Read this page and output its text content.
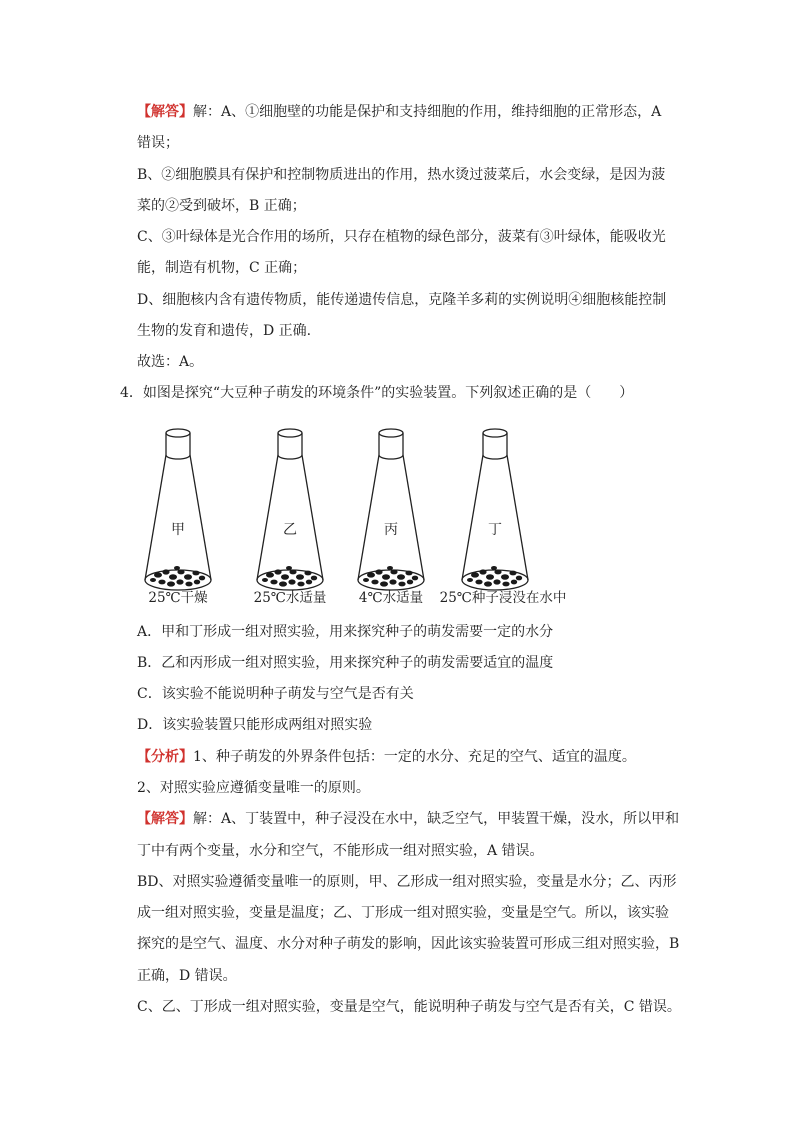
【解答】解：A、①细胞壁的功能是保护和支持细胞的作用，维持细胞的正常形态，A
错误；
B、②细胞膜具有保护和控制物质进出的作用，热水烫过菠菜后，水会变绿，是因为菠
菜的②受到破坏，B 正确；
C、③叶绿体是光合作用的场所，只存在植物的绿色部分，菠菜有③叶绿体，能吸收光
能，制造有机物，C 正确；
D、细胞核内含有遗传物质，能传递遗传信息，克隆羊多莉的实例说明④细胞核能控制
生物的发育和遗传，D 正确.
故选：A。
4．如图是探究“大豆种子萌发的环境条件”的实验装置。下列叙述正确的是（　　）
甲
25℃干燥
乙
25℃水适量
丙
4℃水适量
丁
25℃种子浸没在水中
A．甲和丁形成一组对照实验，用来探究种子的萌发需要一定的水分
B．乙和丙形成一组对照实验，用来探究种子的萌发需要适宜的温度
C．该实验不能说明种子萌发与空气是否有关
D．该实验装置只能形成两组对照实验
【分析】1、种子萌发的外界条件包括：一定的水分、充足的空气、适宜的温度。
2、对照实验应遵循变量唯一的原则。
【解答】解：A、丁装置中，种子浸没在水中，缺乏空气，甲装置干燥，没水，所以甲和
丁中有两个变量，水分和空气，不能形成一组对照实验，A 错误。
BD、对照实验遵循变量唯一的原则，甲、乙形成一组对照实验，变量是水分；乙、丙形
成一组对照实验，变量是温度；乙、丁形成一组对照实验，变量是空气。所以，该实验
探究的是空气、温度、水分对种子萌发的影响，因此该实验装置可形成三组对照实验，B
正确，D 错误。
C、乙、丁形成一组对照实验，变量是空气，能说明种子萌发与空气是否有关，C 错误。
